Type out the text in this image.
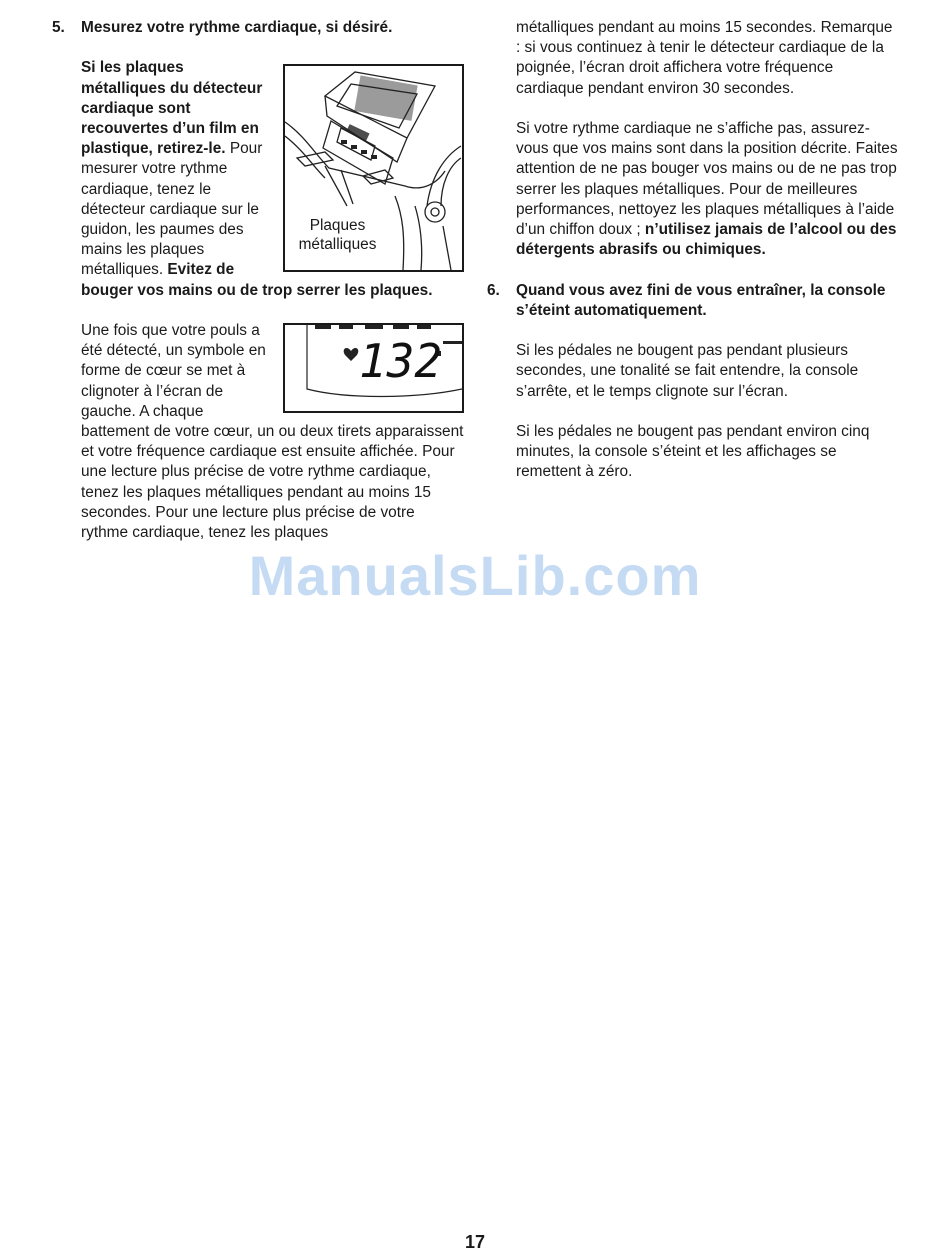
5. Mesurez votre rythme cardiaque, si désiré.

Plaques
métalliques

Si les plaques métalliques du détecteur cardiaque sont recouvertes d’un film en plastique, retirez-le. Pour mesurer votre rythme cardiaque, tenez le détecteur cardiaque sur le guidon, les paumes des mains les plaques métalliques. Evitez de bouger vos mains ou de trop serrer les plaques.

132

Une fois que votre pouls a été détecté, un symbole en forme de cœur se met à clignoter à l’écran de gauche. A chaque battement de votre cœur, un ou deux tirets apparaissent et votre fréquence cardiaque est ensuite affichée. Pour une lecture plus précise de votre rythme cardiaque, tenez les plaques métalliques pendant au moins 15 secondes. Pour une lecture plus précise de votre rythme cardiaque, tenez les plaques

métalliques pendant au moins 15 secondes. Remarque : si vous continuez à tenir le détecteur cardiaque de la poignée, l’écran droit affichera votre fréquence cardiaque pendant environ 30 secondes.

Si votre rythme cardiaque ne s’affiche pas, assurez-vous que vos mains sont dans la position décrite. Faites attention de ne pas bouger vos mains ou de ne pas trop serrer les plaques métalliques. Pour de meilleures performances, nettoyez les plaques métalliques à l’aide d’un chiffon doux ; n’utilisez jamais de l’alcool ou des détergents abrasifs ou chimiques.

6. Quand vous avez fini de vous entraîner, la console s’éteint automatiquement.

Si les pédales ne bougent pas pendant plusieurs secondes, une tonalité se fait entendre, la console s’arrête, et le temps clignote sur l’écran.

Si les pédales ne bougent pas pendant environ cinq minutes, la console s’éteint et les affichages se remettent à zéro.

ManualsLib.com
17
